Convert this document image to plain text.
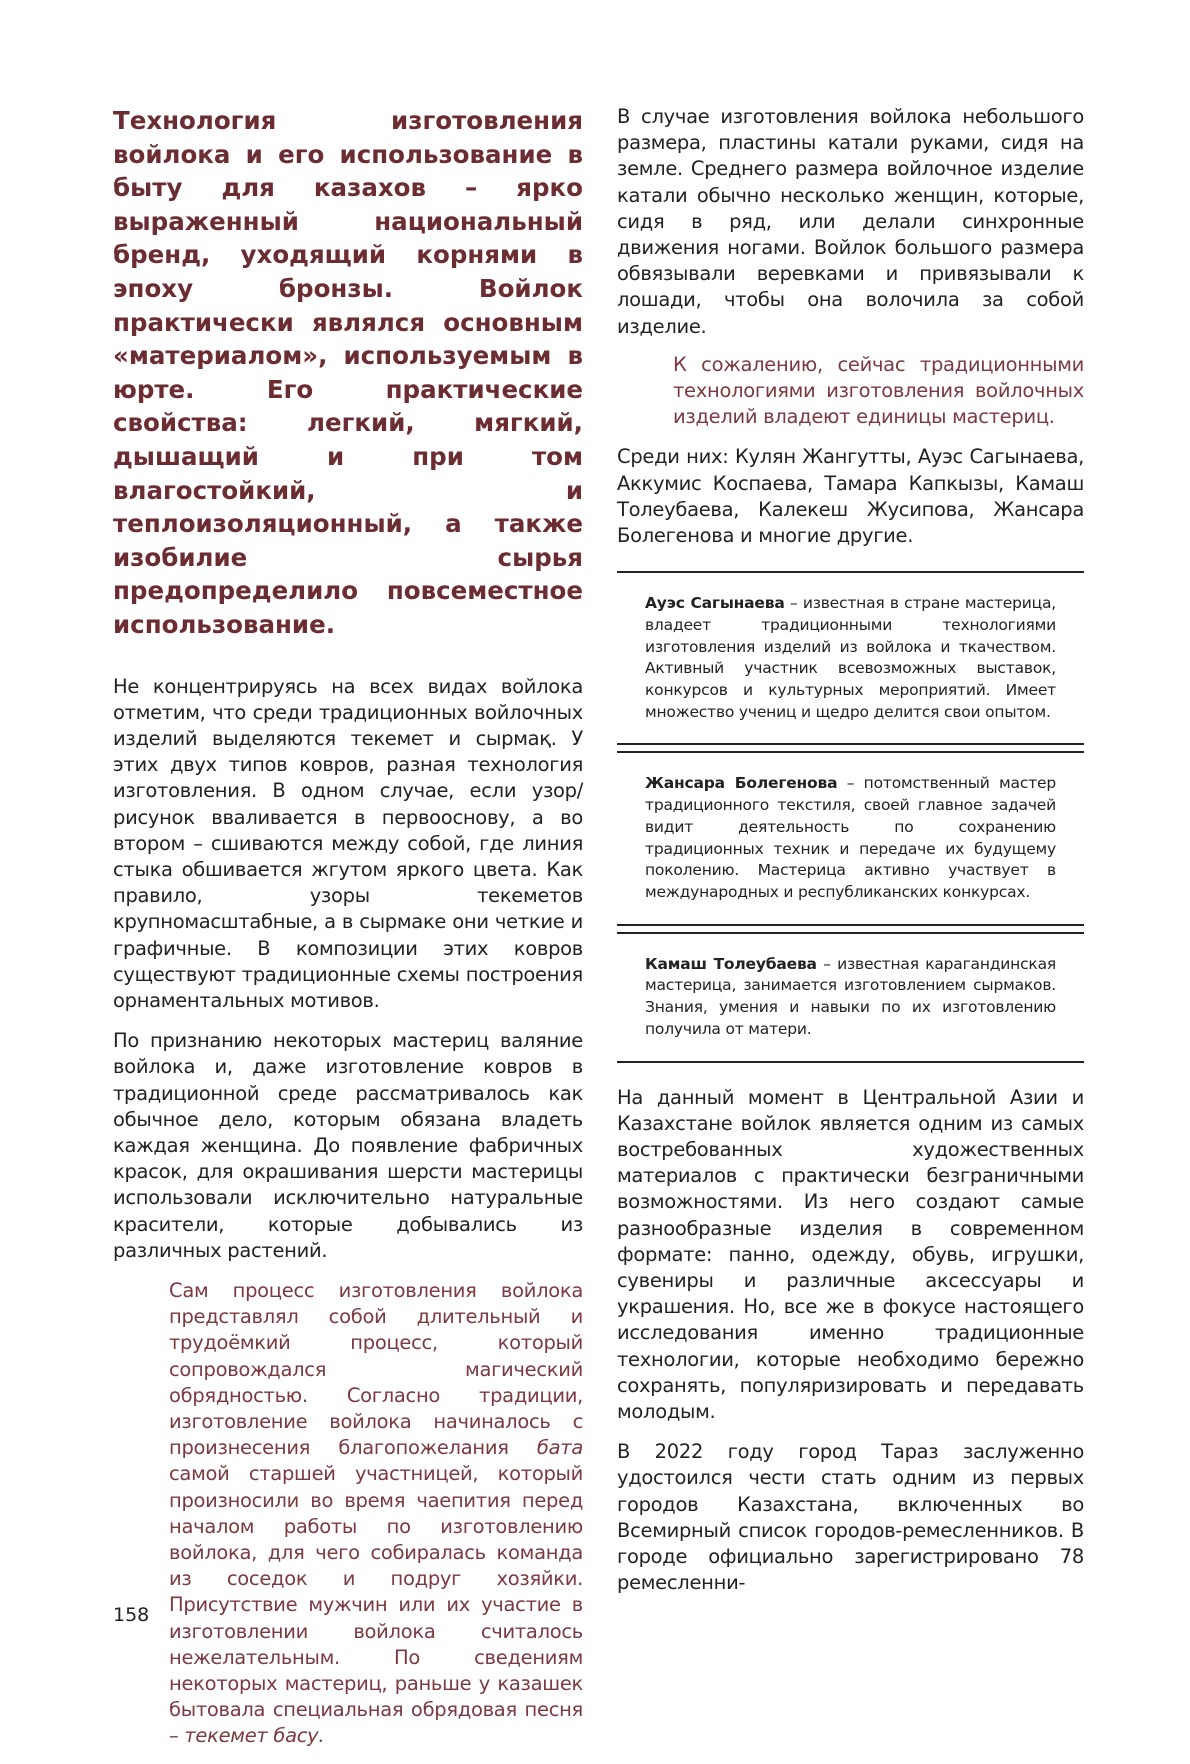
Технология изготовления войлока и его использование в быту для казахов – ярко выраженный национальный бренд, уходящий корнями в эпоху бронзы. Войлок практически являлся основным «материалом», используемым в юрте. Его практические свойства: легкий, мягкий, дышащий и при том влагостойкий, и теплоизоляционный, а также изобилие сырья предопределило повсеместное использование.

Не концентрируясь на всех видах войлока отметим, что среди традиционных войлочных изделий выделяются текемет и сырмақ. У этих двух типов ковров, разная технология изготовления. В одном случае, если узор/рисунок вваливается в первооснову, а во втором – сшиваются между собой, где линия стыка обшивается жгутом яркого цвета. Как правило, узоры текеметов крупномасштабные, а в сырмаке они четкие и графичные. В композиции этих ковров существуют традиционные схемы построения орнаментальных мотивов.

По признанию некоторых мастериц валяние войлока и, даже изготовление ковров в традиционной среде рассматривалось как обычное дело, которым обязана владеть каждая женщина. До появление фабричных красок, для окрашивания шерсти мастерицы использовали исключительно натуральные красители, которые добывались из различных растений.

Сам процесс изготовления войлока представлял собой длительный и трудоёмкий процесс, который сопровождался магический обрядностью. Согласно традиции, изготовление войлока начиналось с произнесения благопожелания бата самой старшей участницей, который произносили во время чаепития перед началом работы по изготовлению войлока, для чего собиралась команда из соседок и подруг хозяйки. Присутствие мужчин или их участие в изготовлении войлока считалось нежелательным. По сведениям некоторых мастериц, раньше у казашек бытовала специальная обрядовая песня – текемет басу.

В случае изготовления войлока небольшого размера, пластины катали руками, сидя на земле. Среднего размера войлочное изделие катали обычно несколько женщин, которые, сидя в ряд, или делали синхронные движения ногами. Войлок большого размера обвязывали веревками и привязывали к лошади, чтобы она волочила за собой изделие.

К сожалению, сейчас традиционными технологиями изготовления войлочных изделий владеют единицы мастериц.

Среди них: Кулян Жангутты, Ауэс Сагынаева, Аккумис Коспаева, Тамара Капкызы, Камаш Толеубаева, Калекеш Жусипова, Жансара Болегенова и многие другие.

Ауэс Сагынаева – известная в стране мастерица, владеет традиционными технологиями изготовления изделий из войлока и ткачеством. Активный участник всевозможных выставок, конкурсов и культурных мероприятий. Имеет множество учениц и щедро делится свои опытом.

Жансара Болегенова – потомственный мастер традиционного текстиля, своей главное задачей видит деятельность по сохранению традиционных техник и передаче их будущему поколению. Мастерица активно участвует в международных и республиканских конкурсах.

Камаш Толеубаева – известная карагандинская мастерица, занимается изготовлением сырмаков. Знания, умения и навыки по их изготовлению получила от матери.

На данный момент в Центральной Азии и Казахстане войлок является одним из самых востребованных художественных материалов с практически безграничными возможностями. Из него создают самые разнообразные изделия в современном формате: панно, одежду, обувь, игрушки, сувениры и различные аксессуары и украшения. Но, все же в фокусе настоящего исследования именно традиционные технологии, которые необходимо бережно сохранять, популяризировать и передавать молодым.

В 2022 году город Тараз заслуженно удостоился чести стать одним из первых городов Казахстана, включенных во Всемирный список городов-ремесленников. В городе официально зарегистрировано 78 ремесленни-

158
